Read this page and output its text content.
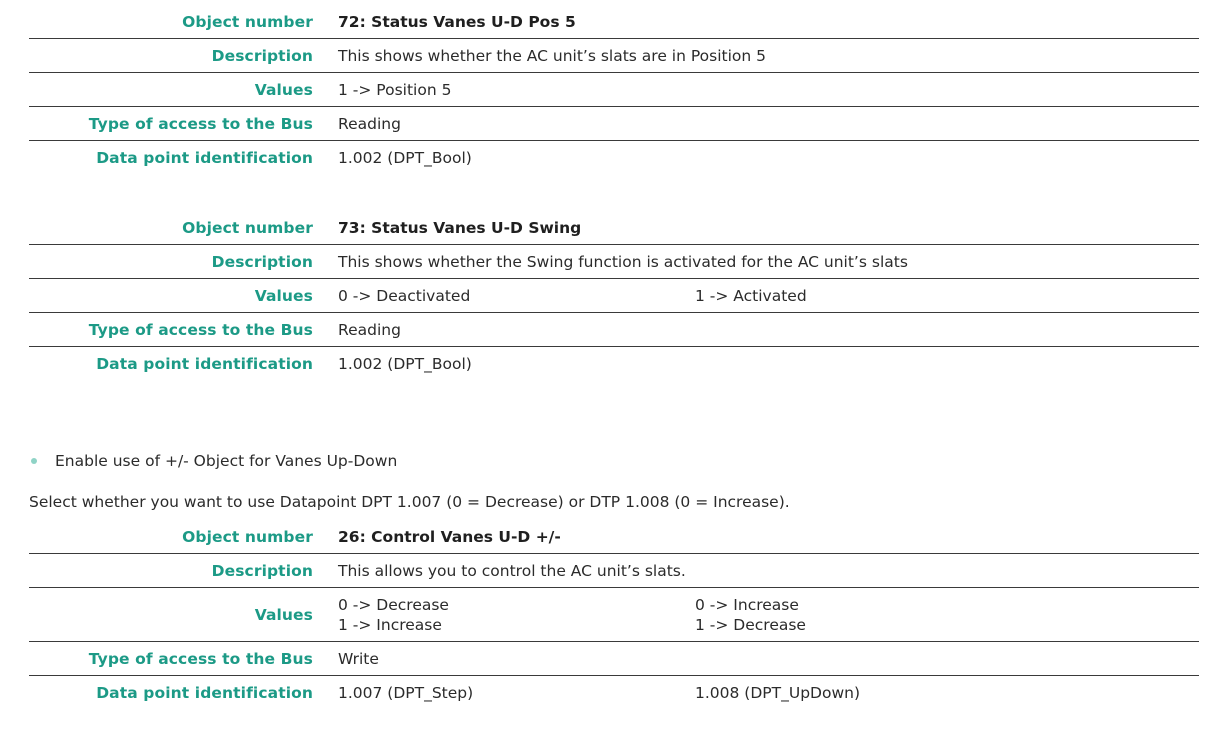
Object number 72: Status Vanes U-D Pos 5
Description This shows whether the AC unit’s slats are in Position 5
Values 1 -> Position 5
Type of access to the Bus Reading
Data point identification 1.002 (DPT_Bool)
Object number 73: Status Vanes U-D Swing
Description This shows whether the Swing function is activated for the AC unit’s slats
Values 0 -> Deactivated	1 -> Activated
Type of access to the Bus Reading
Data point identification 1.002 (DPT_Bool)
Enable use of +/- Object for Vanes Up-Down
Select whether you want to use Datapoint DPT 1.007 (0 = Decrease) or DTP 1.008 (0 = Increase).
Object number 26: Control Vanes U-D +/-
Description This allows you to control the AC unit’s slats.
Values
0 -> Decrease
1 -> Increase
0 -> Increase
1 -> Decrease
Type of access to the Bus Write
Data point identification 1.007 (DPT_Step)	1.008 (DPT_UpDown)
